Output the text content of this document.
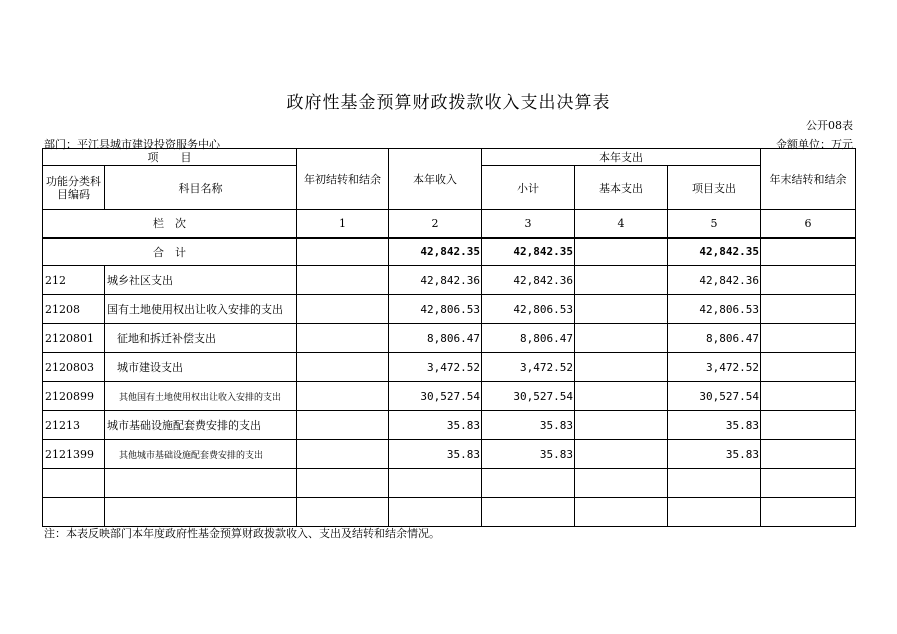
政府性基金预算财政拨款收入支出决算表
公开08表
部门：平江县城市建设投资服务中心	金额单位：万元
项　　目		年初结转和结余	本年收入	本年支出			年末结转和结余
功能分类科目编码	科目名称			小计	基本支出	项目支出	
栏　次		1	2	3	4	5	6
合　计			42,842.35	42,842.35		42,842.35	
212	城乡社区支出		42,842.36	42,842.36		42,842.36	
21208	国有土地使用权出让收入安排的支出		42,806.53	42,806.53		42,806.53	
2120801	征地和拆迁补偿支出		8,806.47	8,806.47		8,806.47	
2120803	城市建设支出		3,472.52	3,472.52		3,472.52	
2120899	其他国有土地使用权出让收入安排的支出		30,527.54	30,527.54		30,527.54	
21213	城市基础设施配套费安排的支出		35.83	35.83		35.83	
2121399	其他城市基础设施配套费安排的支出		35.83	35.83		35.83	

注：本表反映部门本年度政府性基金预算财政拨款收入、支出及结转和结余情况。
